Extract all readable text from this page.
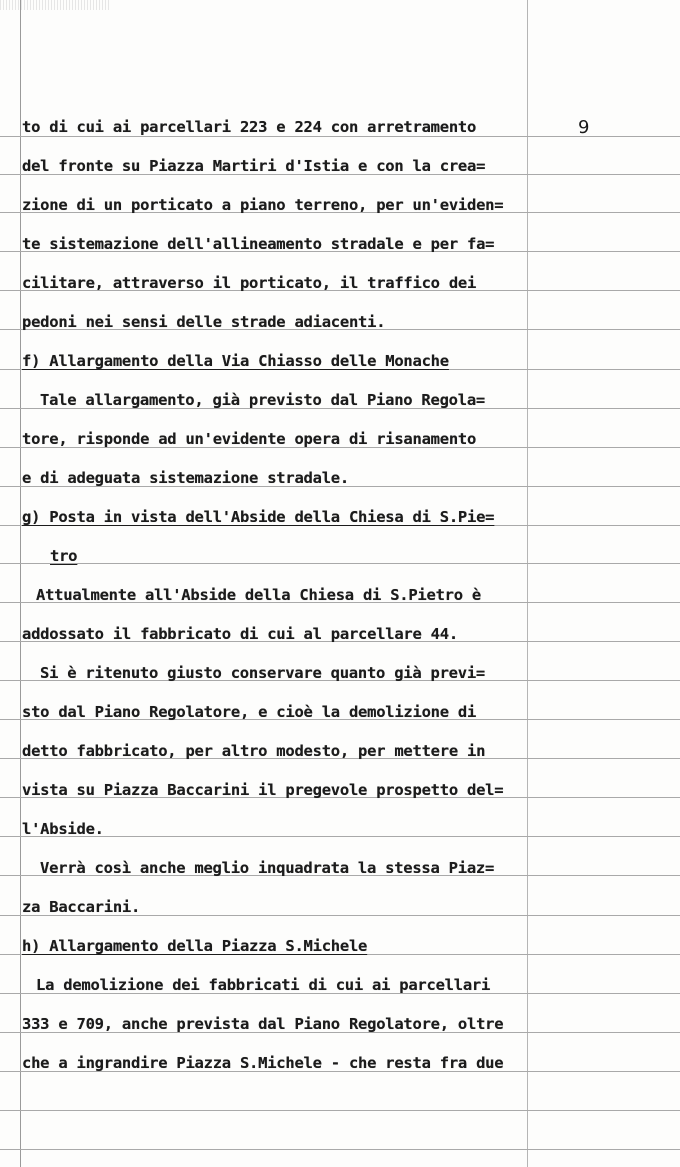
9
to di cui ai parcellari 223 e 224 con arretramento
del fronte su Piazza Martiri d'Istia e con la crea=
zione di un porticato a piano terreno, per un'eviden=
te sistemazione dell'allineamento stradale e per fa=
cilitare, attraverso il porticato, il traffico dei
pedoni nei sensi delle strade adiacenti.
f) Allargamento della Via Chiasso delle Monache
Tale allargamento, già previsto dal Piano Regola=
tore, risponde ad un'evidente opera di risanamento
e di adeguata sistemazione stradale.
g) Posta in vista dell'Abside della Chiesa di S.Pie=
tro
Attualmente all'Abside della Chiesa di S.Pietro è
addossato il fabbricato di cui al parcellare 44.
Si è ritenuto giusto conservare quanto già previ=
sto dal Piano Regolatore, e cioè la demolizione di
detto fabbricato, per altro modesto, per mettere in
vista su Piazza Baccarini il pregevole prospetto del=
l'Abside.
Verrà così anche meglio inquadrata la stessa Piaz=
za Baccarini.
h) Allargamento della Piazza S.Michele
La demolizione dei fabbricati di cui ai parcellari
333 e 709, anche prevista dal Piano Regolatore, oltre
che a ingrandire Piazza S.Michele - che resta fra due
